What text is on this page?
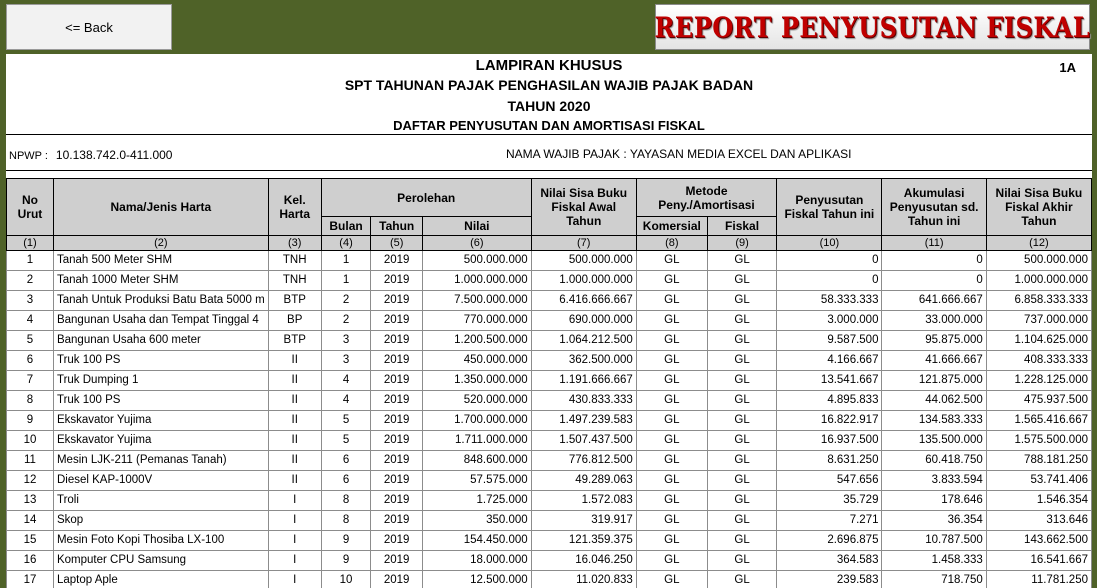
<= Back	REPORT PENYUSUTAN FISKAL
LAMPIRAN KHUSUS
SPT TAHUNAN PAJAK PENGHASILAN WAJIB PAJAK BADAN
TAHUN 2020
DAFTAR PENYUSUTAN DAN AMORTISASI FISKAL
1A
NPWP : 10.138.742.0-411.000	NAMA WAJIB PAJAK : YAYASAN MEDIA EXCEL DAN APLIKASI
No Urut	Nama/Jenis Harta	Kel. Harta	Perolehan			Nilai Sisa Buku Fiskal Awal Tahun	Metode Peny./Amortisasi		Penyusutan Fiskal Tahun ini	Akumulasi Penyusutan sd. Tahun ini	Nilai Sisa Buku Fiskal Akhir Tahun
			Bulan	Tahun	Nilai		Komersial	Fiskal			
(1)	(2)	(3)	(4)	(5)	(6)	(7)	(8)	(9)	(10)	(11)	(12)
1	Tanah 500 Meter SHM	TNH	1	2019	500.000.000	500.000.000	GL	GL	0	0	500.000.000
2	Tanah 1000 Meter SHM	TNH	1	2019	1.000.000.000	1.000.000.000	GL	GL	0	0	1.000.000.000
3	Tanah Untuk Produksi Batu Bata 5000 m	BTP	2	2019	7.500.000.000	6.416.666.667	GL	GL	58.333.333	641.666.667	6.858.333.333
4	Bangunan Usaha dan Tempat Tinggal 4	BP	2	2019	770.000.000	690.000.000	GL	GL	3.000.000	33.000.000	737.000.000
5	Bangunan Usaha 600 meter	BTP	3	2019	1.200.500.000	1.064.212.500	GL	GL	9.587.500	95.875.000	1.104.625.000
6	Truk 100 PS	II	3	2019	450.000.000	362.500.000	GL	GL	4.166.667	41.666.667	408.333.333
7	Truk Dumping 1	II	4	2019	1.350.000.000	1.191.666.667	GL	GL	13.541.667	121.875.000	1.228.125.000
8	Truk 100 PS	II	4	2019	520.000.000	430.833.333	GL	GL	4.895.833	44.062.500	475.937.500
9	Ekskavator Yujima	II	5	2019	1.700.000.000	1.497.239.583	GL	GL	16.822.917	134.583.333	1.565.416.667
10	Ekskavator Yujima	II	5	2019	1.711.000.000	1.507.437.500	GL	GL	16.937.500	135.500.000	1.575.500.000
11	Mesin LJK-211 (Pemanas Tanah)	II	6	2019	848.600.000	776.812.500	GL	GL	8.631.250	60.418.750	788.181.250
12	Diesel KAP-1000V	II	6	2019	57.575.000	49.289.063	GL	GL	547.656	3.833.594	53.741.406
13	Troli	I	8	2019	1.725.000	1.572.083	GL	GL	35.729	178.646	1.546.354
14	Skop	I	8	2019	350.000	319.917	GL	GL	7.271	36.354	313.646
15	Mesin Foto Kopi Thosiba LX-100	I	9	2019	154.450.000	121.359.375	GL	GL	2.696.875	10.787.500	143.662.500
16	Komputer CPU Samsung	I	9	2019	18.000.000	16.046.250	GL	GL	364.583	1.458.333	16.541.667
17	Laptop Aple	I	10	2019	12.500.000	11.020.833	GL	GL	239.583	718.750	11.781.250
